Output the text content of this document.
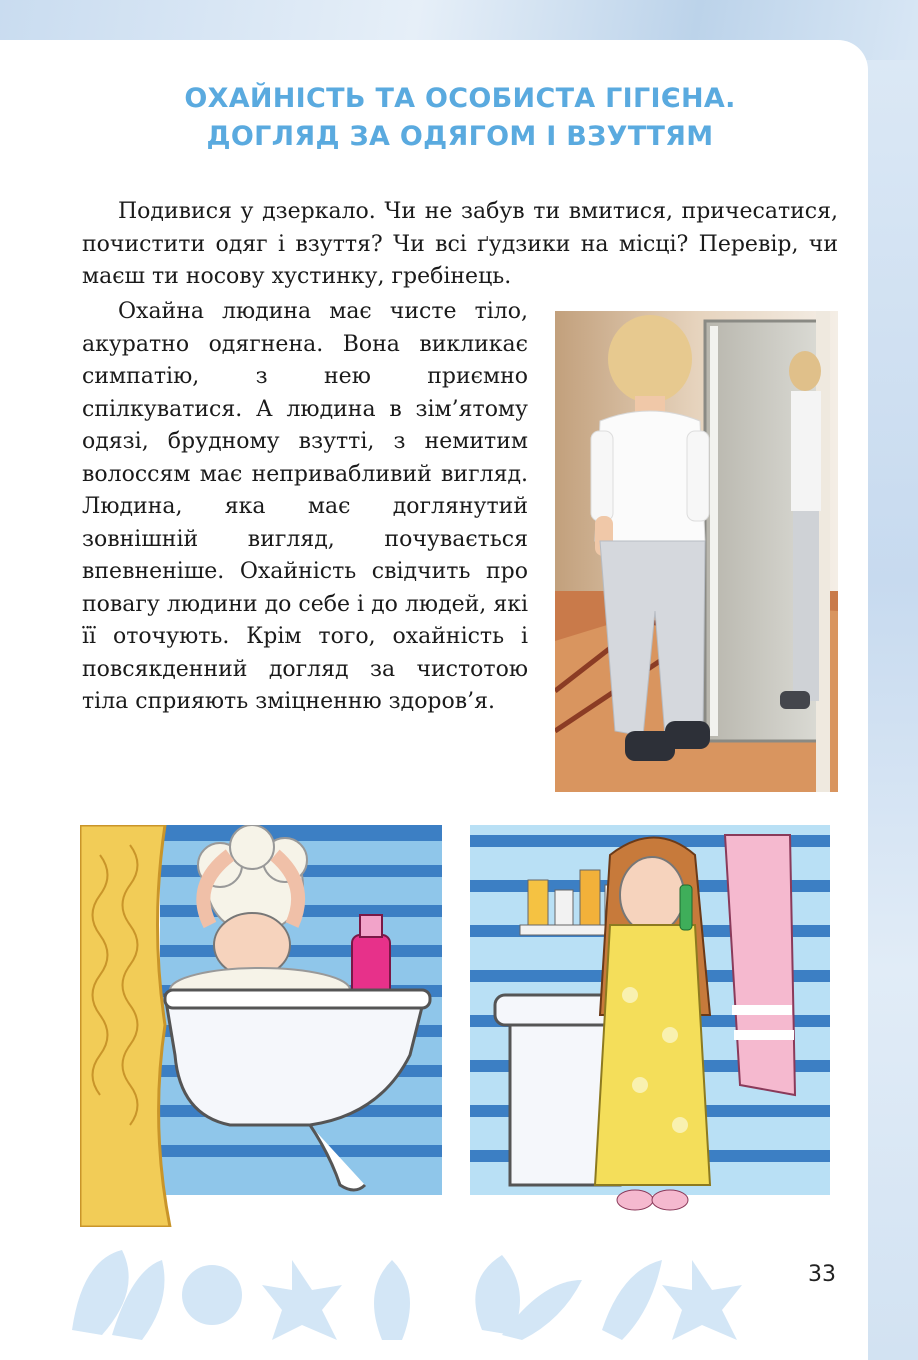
ОХАЙНІСТЬ ТА ОСОБИСТА ГІГІЄНА.
ДОГЛЯД ЗА ОДЯГОМ І ВЗУТТЯМ
Подивися у дзеркало. Чи не забув ти вмитися, причесатися, почистити одяг і взуття? Чи всі ґудзики на місці? Перевір, чи маєш ти носову хустинку, гребінець.
Охайна людина має чисте тіло, акуратно одягнена. Вона викликає симпатію, з нею приємно спілкуватися. А людина в зім’ятому одязі, брудному взутті, з немитим волоссям має непривабливий вигляд. Людина, яка має доглянутий зовнішній вигляд, почувається впевненіше. Охайність свідчить про повагу людини до себе і до людей, які її оточують. Крім того, охайність і повсякденний догляд за чистотою тіла сприяють зміцненню здоров’я.
33
